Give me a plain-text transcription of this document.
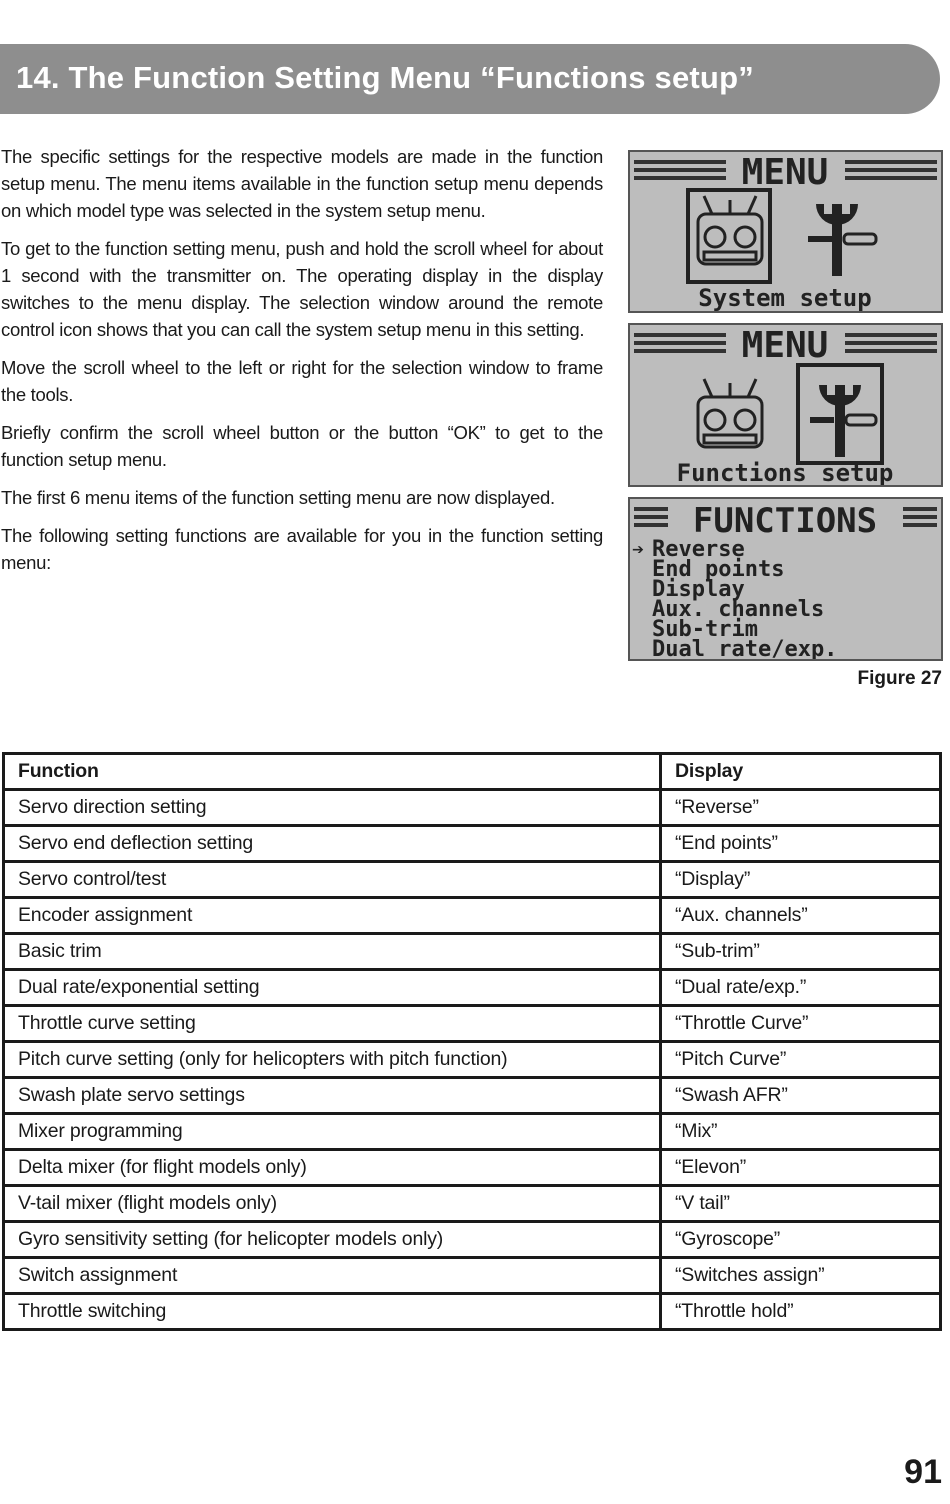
14. The Function Setting Menu “Functions setup”

The specific settings for the respective models are made in the function setup menu. The menu items available in the function setup menu depends on which model type was selected in the system setup menu.

To get to the function setting menu, push and hold the scroll wheel for about 1 second with the transmitter on. The operating display in the display switches to the menu display. The selection window around the remote control icon shows that you can call the system setup menu in this setting.

Move the scroll wheel to the left or right for the selection window to frame the tools.

Briefly confirm the scroll wheel button or the button “OK” to get to the function setup menu.

The first 6 menu items of the function setting menu are now displayed.

The following setting functions are available for you in the function setting menu:

MENU
System setup
MENU
Functions setup
FUNCTIONS
➔ Reverse
End points
Display
Aux. channels
Sub-trim
Dual rate/exp.
Figure 27
Function	Display
Servo direction setting	“Reverse”
Servo end deflection setting	“End points”
Servo control/test	“Display”
Encoder assignment	“Aux. channels”
Basic trim	“Sub-trim”
Dual rate/exponential setting	“Dual rate/exp.”
Throttle curve setting	“Throttle Curve”
Pitch curve setting (only for helicopters with pitch function)	“Pitch Curve”
Swash plate servo settings	“Swash AFR”
Mixer programming	“Mix”
Delta mixer (for flight models only)	“Elevon”
V-tail mixer (flight models only)	“V tail”
Gyro sensitivity setting (for helicopter models only)	“Gyroscope”
Switch assignment	“Switches assign”
Throttle switching	“Throttle hold”
91
